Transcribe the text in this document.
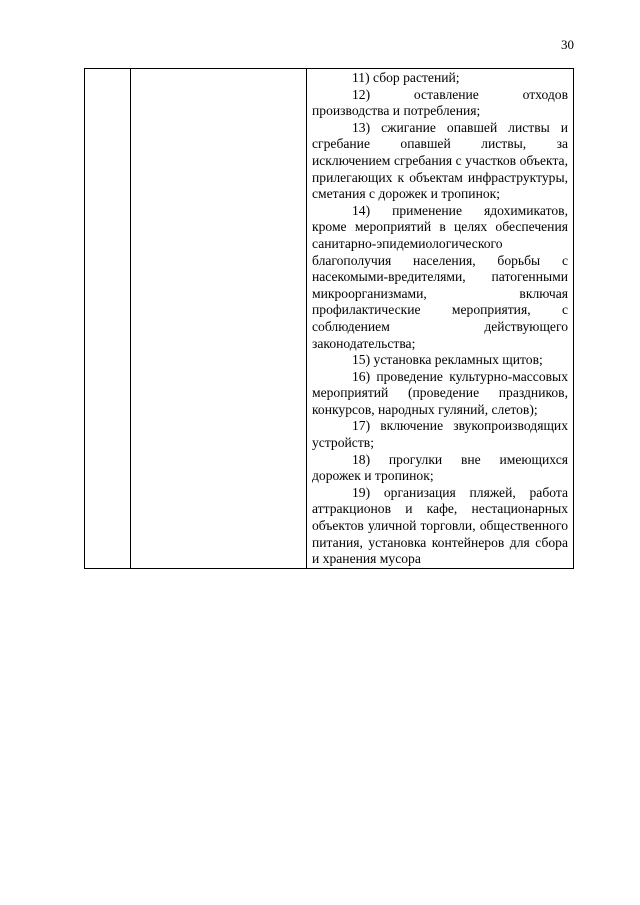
30

11) сбор растений;

12) оставление отходов производства и потребления;

13) сжигание опавшей листвы и сгребание опавшей листвы, за исключением сгребания с участков объекта, прилегающих к объектам инфраструктуры, сметания с дорожек и тропинок;

14) применение ядохимикатов, кроме мероприятий в целях обеспечения санитарно-эпидемиологического благополучия населения, борьбы с насекомыми-вредителями, патогенными микроорганизмами, включая профилактические мероприятия, с соблюдением действующего законодательства;

15) установка рекламных щитов;

16) проведение культурно-массовых мероприятий (проведение праздников, конкурсов, народных гуляний, слетов);

17) включение звукопроизводящих устройств;

18) прогулки вне имеющихся дорожек и тропинок;

19) организация пляжей, работа аттракционов и кафе, нестационарных объектов уличной торговли, общественного питания, установка контейнеров для сбора и хранения мусора
